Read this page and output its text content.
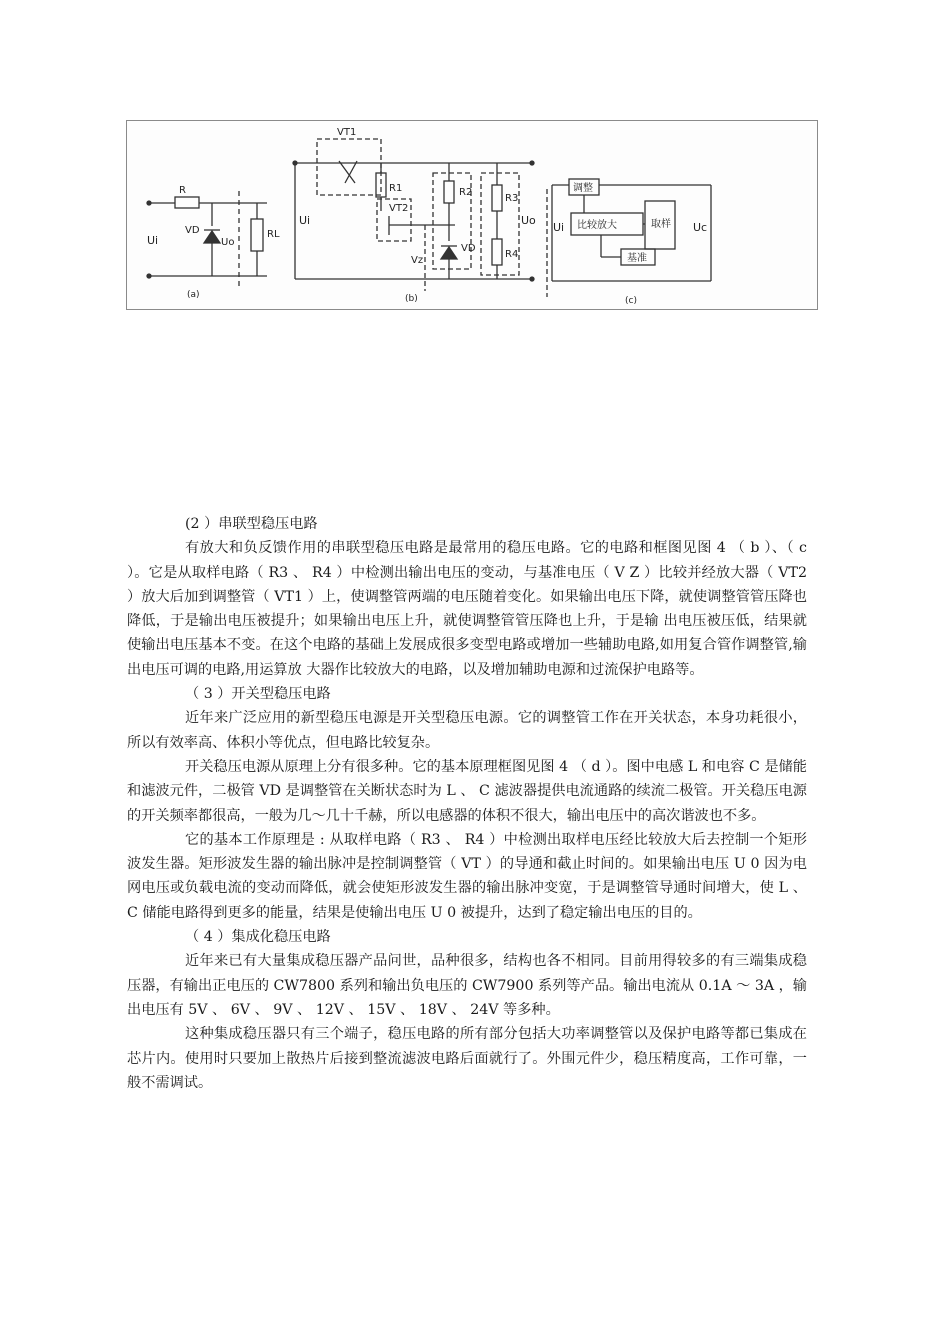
R
VD
Ui	Uo
RL
(a)
VT1
R1
VT2
R2
VD
Vz
R3
R4
Ui	Uo
(b)
调整
比较放大	取样
基准
Ui	Uc
(c)

(2 ）串联型稳压电路

有放大和负反馈作用的串联型稳压电路是最常用的稳压电路。它的电路和框图见图 4 （ b ）、（ c ）。它是从取样电路（ R3 、 R4 ）中检测出输出电压的变动，与基准电压（ V Z ）比较并经放大器（ VT2 ）放大后加到调整管（ VT1 ）上，使调整管两端的电压随着变化。如果输出电压下降，就使调整管管压降也降低，于是输出电压被提升；如果输出电压上升，就使调整管管压降也上升，于是输 出电压被压低，结果就使输出电压基本不变。在这个电路的基础上发展成很多变型电路或增加一些辅助电路,如用复合管作调整管,输出电压可调的电路,用运算放 大器作比较放大的电路，以及增加辅助电源和过流保护电路等。

（ 3 ）开关型稳压电路

近年来广泛应用的新型稳压电源是开关型稳压电源。它的调整管工作在开关状态，本身功耗很小，所以有效率高、体积小等优点，但电路比较复杂。

开关稳压电源从原理上分有很多种。它的基本原理框图见图 4 （ d ）。图中电感 L 和电容 C 是储能和滤波元件，二极管 VD 是调整管在关断状态时为 L 、 C 滤波器提供电流通路的续流二极管。开关稳压电源的开关频率都很高，一般为几～几十千赫，所以电感器的体积不很大，输出电压中的高次谐波也不多。

它的基本工作原理是 : 从取样电路（ R3 、 R4 ）中检测出取样电压经比较放大后去控制一个矩形波发生器。矩形波发生器的输出脉冲是控制调整管（ VT ）的导通和截止时间的。如果输出电压 U 0 因为电网电压或负载电流的变动而降低，就会使矩形波发生器的输出脉冲变宽，于是调整管导通时间增大，使 L 、 C 储能电路得到更多的能量，结果是使输出电压 U 0 被提升，达到了稳定输出电压的目的。

（ 4 ）集成化稳压电路

近年来已有大量集成稳压器产品问世，品种很多，结构也各不相同。目前用得较多的有三端集成稳压器，有输出正电压的 CW7800 系列和输出负电压的 CW7900 系列等产品。输出电流从 0.1A ～ 3A ，输出电压有 5V 、 6V 、 9V 、 12V 、 15V 、 18V 、 24V 等多种。

这种集成稳压器只有三个端子，稳压电路的所有部分包括大功率调整管以及保护电路等都已集成在芯片内。使用时只要加上散热片后接到整流滤波电路后面就行了。外围元件少，稳压精度高，工作可靠，一般不需调试。
